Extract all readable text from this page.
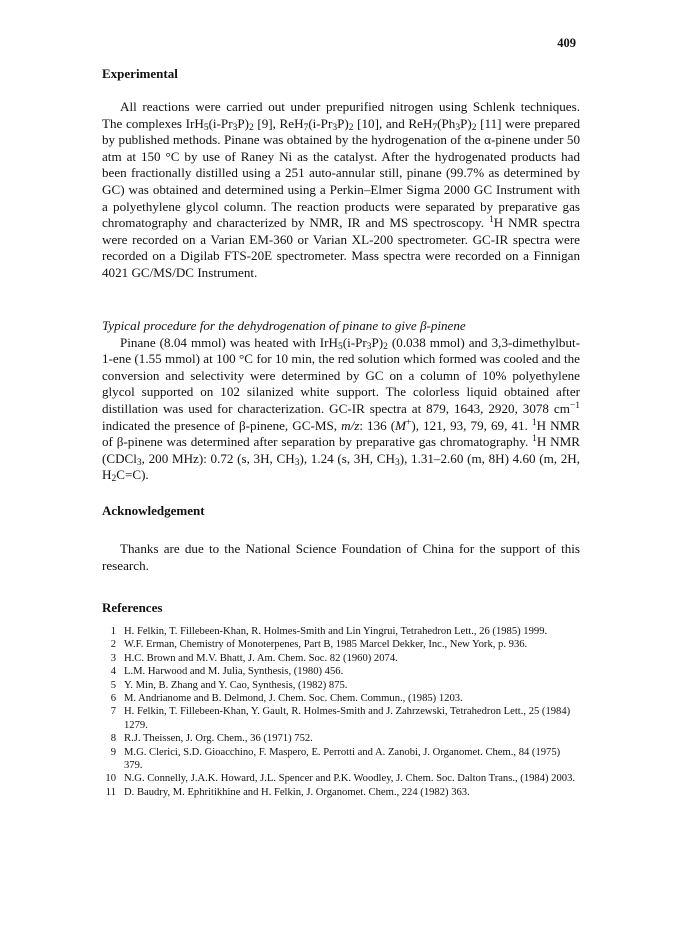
409
Experimental

All reactions were carried out under prepurified nitrogen using Schlenk techniques. The complexes $IrH_5(i-Pr_3P)_2$ [9], $ReH_7(i-Pr_3P)_2$ [10], and $ReH_7(Ph_3P)_2$ [11] were prepared by published methods. Pinane was obtained by the hydrogenation of the α-pinene under 50 atm at 150 °C by use of Raney Ni as the catalyst. After the hydrogenated products had been fractionally distilled using a 251 auto-annular still, pinane (99.7% as determined by GC) was obtained and determined using a Perkin–Elmer Sigma 2000 GC Instrument with a polyethylene glycol column. The reaction products were separated by preparative gas chromatography and characterized by NMR, IR and MS spectroscopy. $^1$H NMR spectra were recorded on a Varian EM-360 or Varian XL-200 spectrometer. GC-IR spectra were recorded on a Digilab FTS-20E spectrometer. Mass spectra were recorded on a Finnigan 4021 GC/MS/DC Instrument.

Typical procedure for the dehydrogenation of pinane to give β-pinene
Pinane (8.04 mmol) was heated with $IrH_5(i-Pr_3P)_2$ (0.038 mmol) and 3,3-dimethylbut-1-ene (1.55 mmol) at 100 °C for 10 min, the red solution which formed was cooled and the conversion and selectivity were determined by GC on a column of 10% polyethylene glycol supported on 102 silanized white support. The colorless liquid obtained after distillation was used for characterization. GC-IR spectra at 879, 1643, 2920, 3078 $cm^{-1}$ indicated the presence of β-pinene, GC-MS, m/z: 136 (M+), 121, 93, 79, 69, 41. $^1$H NMR of β-pinene was determined after separation by preparative gas chromatography. $^1$H NMR (CDCl$_3$, 200 MHz): 0.72 (s, 3H, $CH_3$), 1.24 (s, 3H, $CH_3$), 1.31–2.60 (m, 8H) 4.60 (m, 2H, $H_2C=C$).

Acknowledgement

Thanks are due to the National Science Foundation of China for the support of this research.

References
1 H. Felkin, T. Fillebeen-Khan, R. Holmes-Smith and Lin Yingrui, Tetrahedron Lett., 26 (1985) 1999.
2 W.F. Erman, Chemistry of Monoterpenes, Part B, 1985 Marcel Dekker, Inc., New York, p. 936.
3 H.C. Brown and M.V. Bhatt, J. Am. Chem. Soc. 82 (1960) 2074.
4 L.M. Harwood and M. Julia, Synthesis, (1980) 456.
5 Y. Min, B. Zhang and Y. Cao, Synthesis, (1982) 875.
6 M. Andrianome and B. Delmond, J. Chem. Soc. Chem. Commun., (1985) 1203.
7 H. Felkin, T. Fillebeen-Khan, Y. Gault, R. Holmes-Smith and J. Zahrzewski, Tetrahedron Lett., 25 (1984) 1279.
8 R.J. Theissen, J. Org. Chem., 36 (1971) 752.
9 M.G. Clerici, S.D. Gioacchino, F. Maspero, E. Perrotti and A. Zanobi, J. Organomet. Chem., 84 (1975) 379.
10 N.G. Connelly, J.A.K. Howard, J.L. Spencer and P.K. Woodley, J. Chem. Soc. Dalton Trans., (1984) 2003.
11 D. Baudry, M. Ephritikhine and H. Felkin, J. Organomet. Chem., 224 (1982) 363.
